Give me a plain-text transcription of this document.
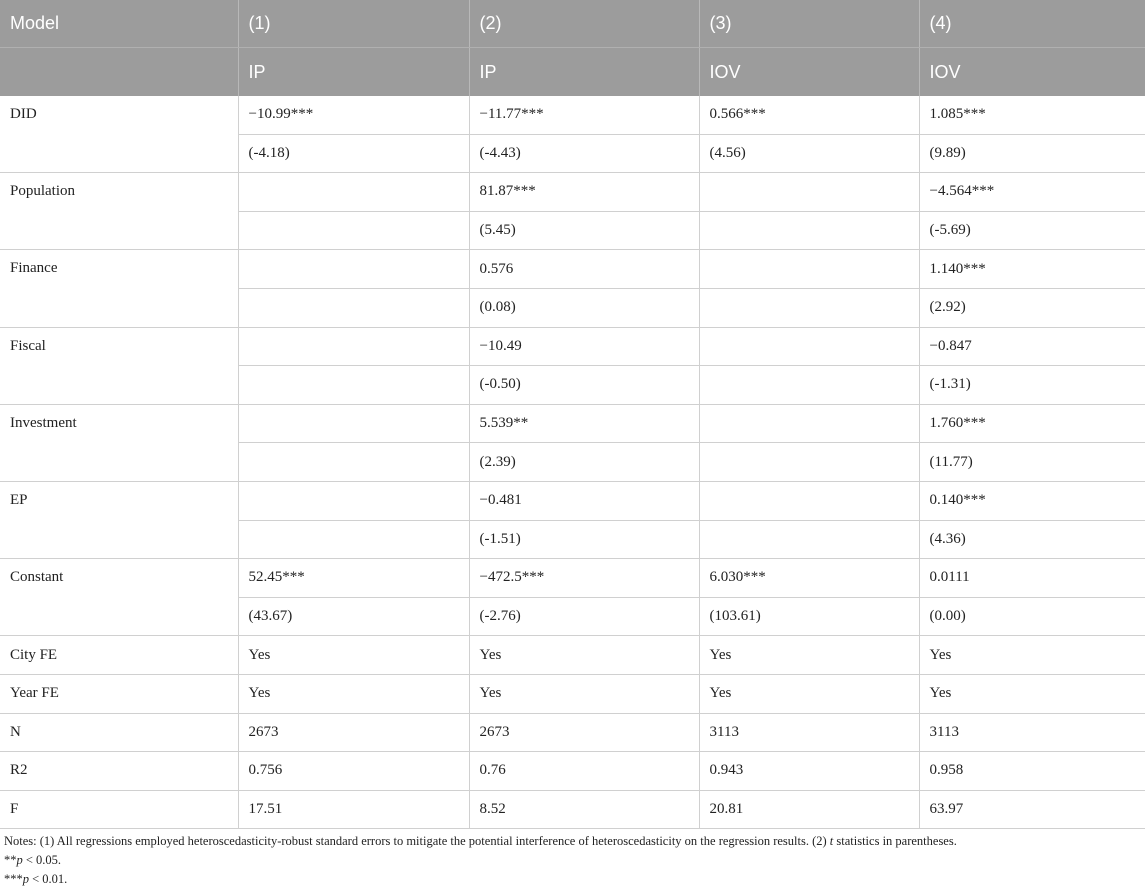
Model	(1)	(2)	(3)	(4)
	IP	IP	IOV	IOV
DID	−10.99***	−11.77***	0.566***	1.085***
	(-4.18)	(-4.43)	(4.56)	(9.89)
Population		81.87***		−4.564***
		(5.45)		(-5.69)
Finance		0.576		1.140***
		(0.08)		(2.92)
Fiscal		−10.49		−0.847
		(-0.50)		(-1.31)
Investment		5.539**		1.760***
		(2.39)		(11.77)
EP		−0.481		0.140***
		(-1.51)		(4.36)
Constant	52.45***	−472.5***	6.030***	0.0111
	(43.67)	(-2.76)	(103.61)	(0.00)
City FE	Yes	Yes	Yes	Yes
Year FE	Yes	Yes	Yes	Yes
N	2673	2673	3113	3113
R2	0.756	0.76	0.943	0.958
F	17.51	8.52	20.81	63.97
Notes: (1) All regressions employed heteroscedasticity-robust standard errors to mitigate the potential interference of heteroscedasticity on the regression results. (2) t statistics in parentheses.
**p < 0.05.
***p < 0.01.
